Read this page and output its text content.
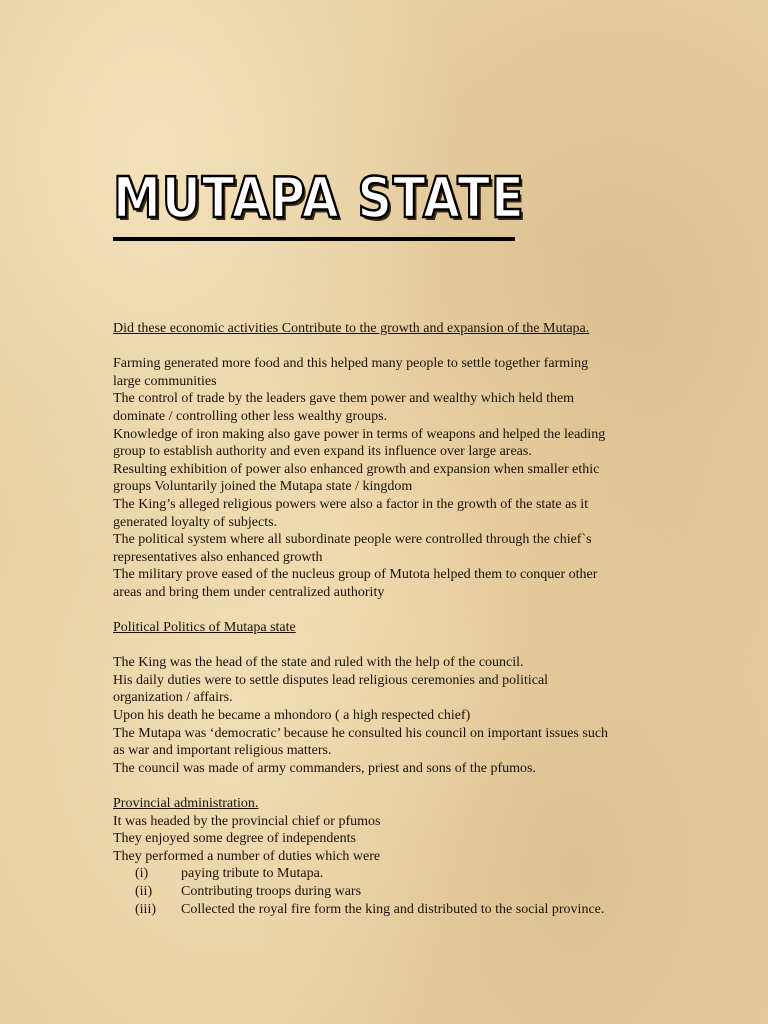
MUTAPA STATE
Did these economic activities Contribute to the growth and expansion of the Mutapa.
Farming generated more food and this helped many people to settle together farming
large communities
The control of trade by the leaders gave them power and wealthy which held them
dominate / controlling other less wealthy groups.
Knowledge of iron making also gave power in terms of weapons and helped the leading
group to establish authority and even expand its influence over large areas.
Resulting exhibition of power also enhanced growth and expansion when smaller ethic
groups Voluntarily joined the Mutapa state / kingdom
The King’s alleged religious powers were also a factor in the growth of the state as it
generated loyalty of subjects.
The political system where all subordinate people were controlled through the chief`s
representatives also enhanced growth
The military prove eased of the nucleus group of Mutota helped them to conquer other
areas and bring them under centralized authority
Political Politics of Mutapa state
The King was the head of the state and ruled with the help of the council.
His daily duties were to settle disputes lead religious ceremonies and political
organization / affairs.
Upon his death he became a mhondoro ( a high respected chief)
The Mutapa was ‘democratic’ because he consulted his council on important issues such
as war and important religious matters.
The council was made of army commanders, priest and sons of the pfumos.
Provincial administration.
It was headed by the provincial chief or pfumos
They enjoyed some degree of independents
They performed a number of duties which were
(i)	paying tribute to Mutapa.
(ii)	Contributing troops during wars
(iii)	Collected the royal fire form the king and distributed to the social province.
